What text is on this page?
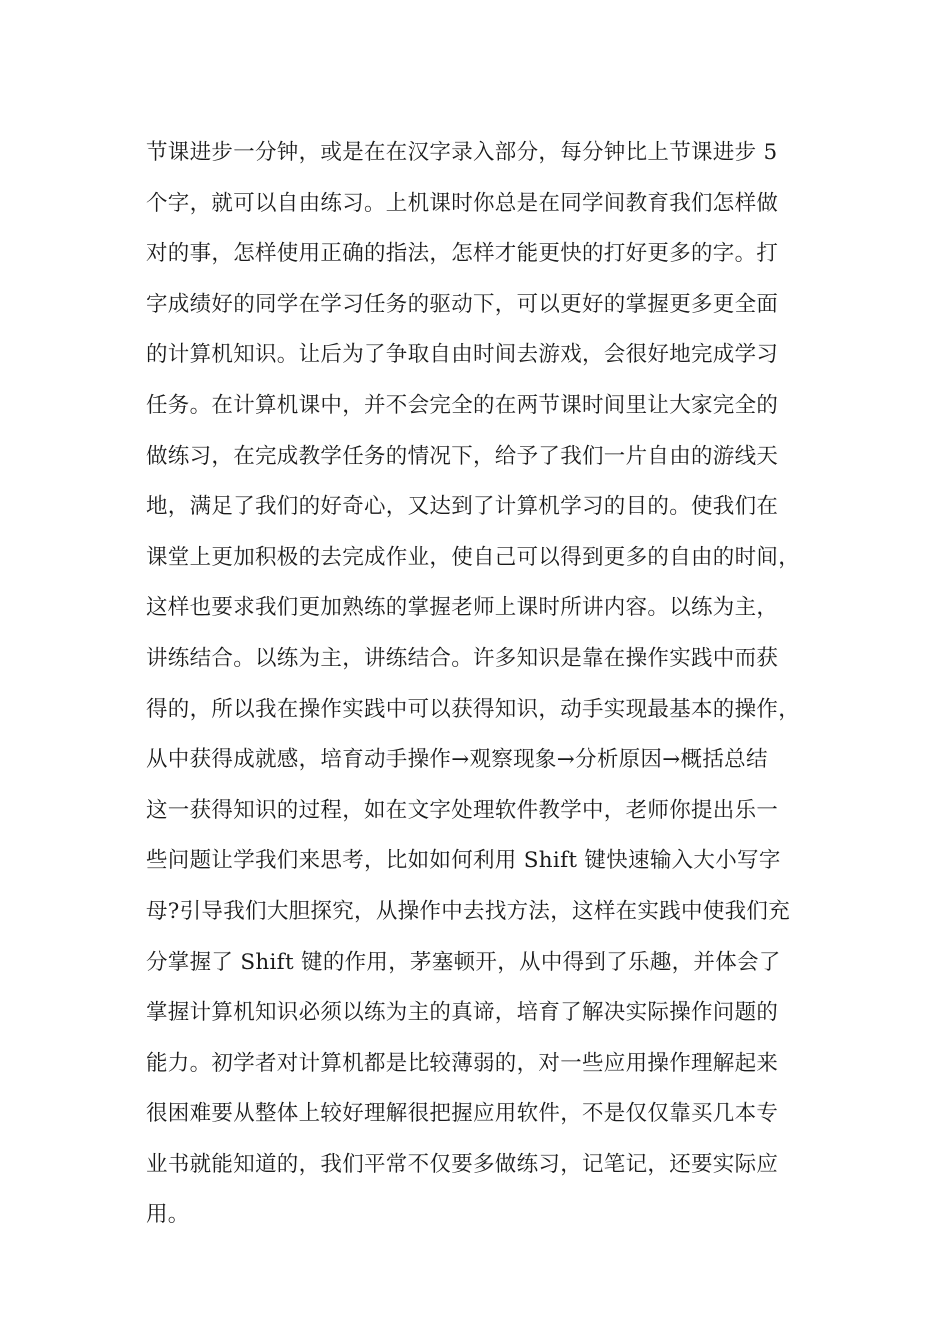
节课进步一分钟，或是在在汉字录入部分，每分钟比上节课进步 5
个字，就可以自由练习。上机课时你总是在同学间教育我们怎样做
对的事，怎样使用正确的指法，怎样才能更快的打好更多的字。打
字成绩好的同学在学习任务的驱动下，可以更好的掌握更多更全面
的计算机知识。让后为了争取自由时间去游戏，会很好地完成学习
任务。在计算机课中，并不会完全的在两节课时间里让大家完全的
做练习，在完成教学任务的情况下，给予了我们一片自由的游线天
地，满足了我们的好奇心，又达到了计算机学习的目的。使我们在
课堂上更加积极的去完成作业，使自己可以得到更多的自由的时间，
这样也要求我们更加熟练的掌握老师上课时所讲内容。以练为主，
讲练结合。以练为主，讲练结合。许多知识是靠在操作实践中而获
得的，所以我在操作实践中可以获得知识，动手实现最基本的操作，
从中获得成就感，培育动手操作→观察现象→分析原因→概括总结
这一获得知识的过程，如在文字处理软件教学中，老师你提出乐一
些问题让学我们来思考，比如如何利用 Shift 键快速输入大小写字
母?引导我们大胆探究，从操作中去找方法，这样在实践中使我们充
分掌握了 Shift 键的作用，茅塞顿开，从中得到了乐趣，并体会了
掌握计算机知识必须以练为主的真谛，培育了解决实际操作问题的
能力。初学者对计算机都是比较薄弱的，对一些应用操作理解起来
很困难要从整体上较好理解很把握应用软件，不是仅仅靠买几本专
业书就能知道的，我们平常不仅要多做练习，记笔记，还要实际应
用。
